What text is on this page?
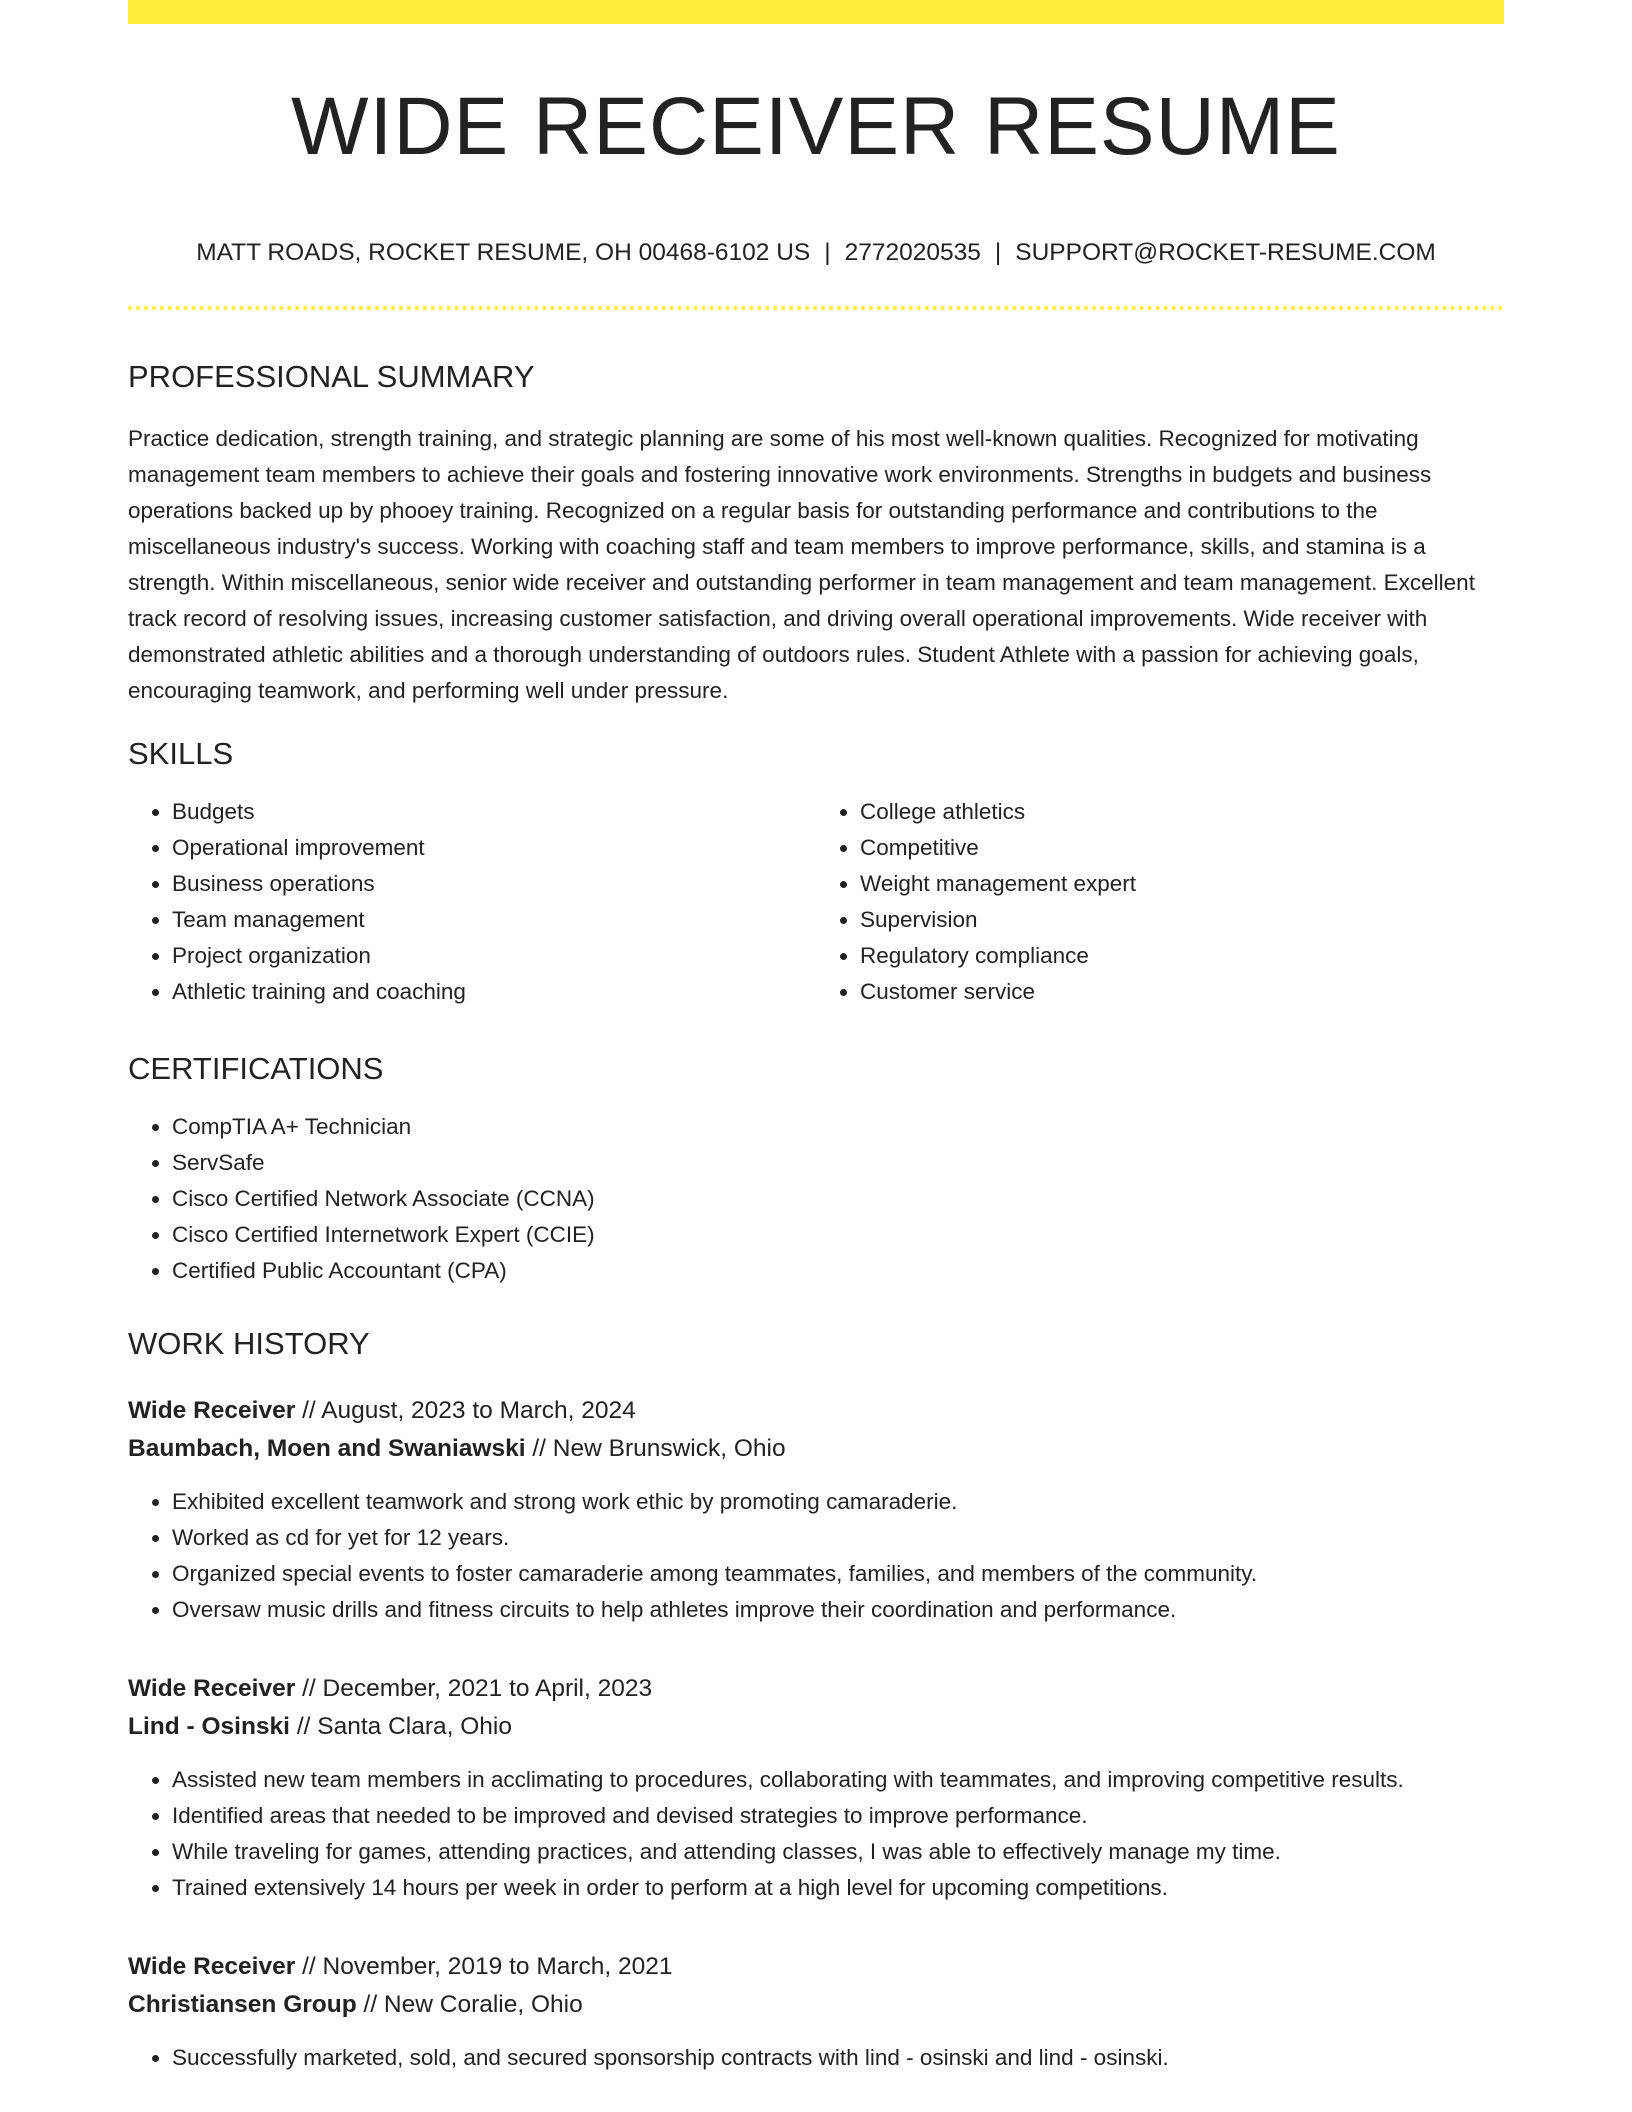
WIDE RECEIVER RESUME
MATT ROADS, ROCKET RESUME, OH 00468-6102 US | 2772020535 | SUPPORT@ROCKET-RESUME.COM
PROFESSIONAL SUMMARY

Practice dedication, strength training, and strategic planning are some of his most well-known qualities. Recognized for motivating management team members to achieve their goals and fostering innovative work environments. Strengths in budgets and business operations backed up by phooey training. Recognized on a regular basis for outstanding performance and contributions to the miscellaneous industry's success. Working with coaching staff and team members to improve performance, skills, and stamina is a strength. Within miscellaneous, senior wide receiver and outstanding performer in team management and team management. Excellent track record of resolving issues, increasing customer satisfaction, and driving overall operational improvements. Wide receiver with demonstrated athletic abilities and a thorough understanding of outdoors rules. Student Athlete with a passion for achieving goals, encouraging teamwork, and performing well under pressure.

SKILLS
• Budgets
• Operational improvement
• Business operations
• Team management
• Project organization
• Athletic training and coaching
• College athletics
• Competitive
• Weight management expert
• Supervision
• Regulatory compliance
• Customer service
CERTIFICATIONS
• CompTIA A+ Technician
• ServSafe
• Cisco Certified Network Associate (CCNA)
• Cisco Certified Internetwork Expert (CCIE)
• Certified Public Accountant (CPA)
WORK HISTORY
Wide Receiver // August, 2023 to March, 2024
Baumbach, Moen and Swaniawski // New Brunswick, Ohio
• Exhibited excellent teamwork and strong work ethic by promoting camaraderie.
• Worked as cd for yet for 12 years.
• Organized special events to foster camaraderie among teammates, families, and members of the community.
• Oversaw music drills and fitness circuits to help athletes improve their coordination and performance.
Wide Receiver // December, 2021 to April, 2023
Lind - Osinski // Santa Clara, Ohio
• Assisted new team members in acclimating to procedures, collaborating with teammates, and improving competitive results.
• Identified areas that needed to be improved and devised strategies to improve performance.
• While traveling for games, attending practices, and attending classes, I was able to effectively manage my time.
• Trained extensively 14 hours per week in order to perform at a high level for upcoming competitions.
Wide Receiver // November, 2019 to March, 2021
Christiansen Group // New Coralie, Ohio
• Successfully marketed, sold, and secured sponsorship contracts with lind - osinski and lind - osinski.
